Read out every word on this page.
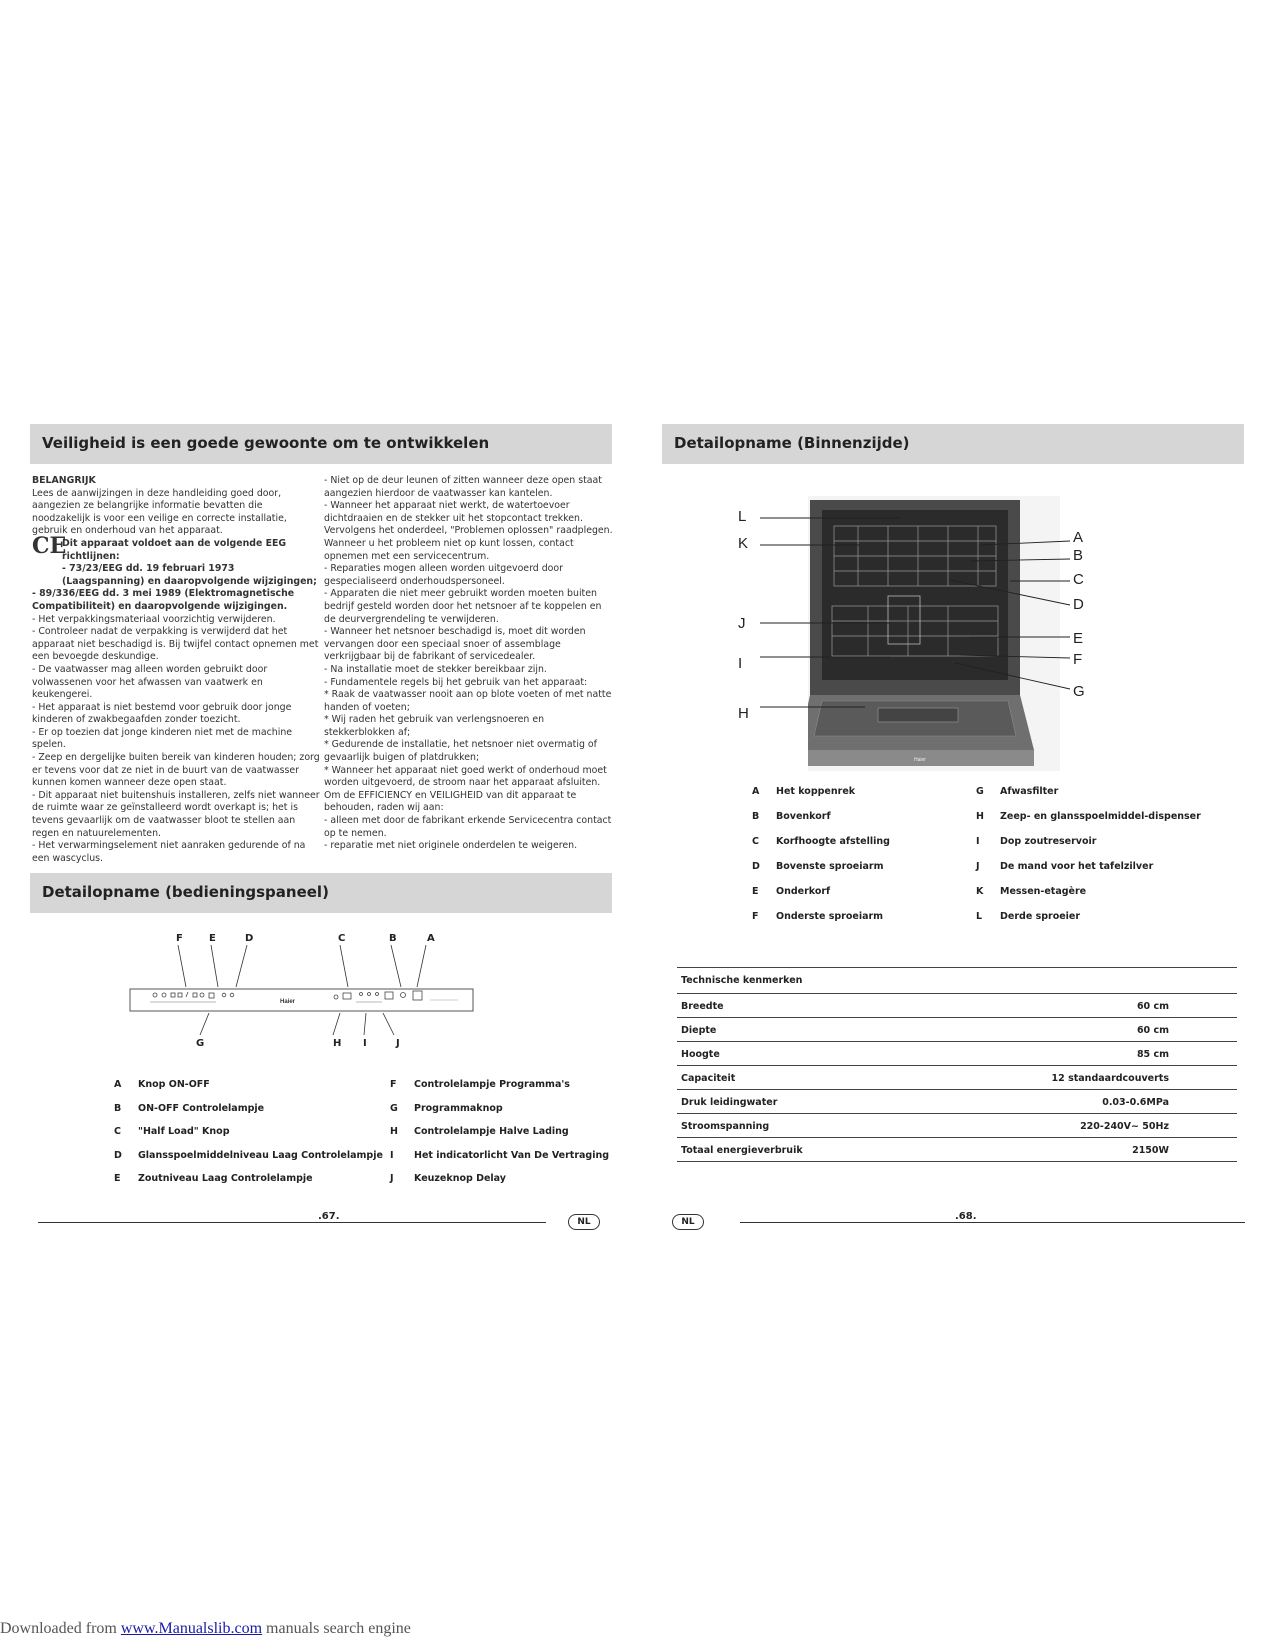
Veiligheid is een goede gewoonte om te ontwikkelen

BELANGRIJK

Lees de aanwijzingen in deze handleiding goed door, aangezien ze belangrijke informatie bevatten die noodzakelijk is voor een veilige en correcte installatie, gebruik en onderhoud van het apparaat.

CE

Dit apparaat voldoet aan de volgende EEG richtlijnen:

- 73/23/EEG dd. 19 februari 1973 (Laagspanning) en daaropvolgende wijzigingen;

- 89/336/EEG dd. 3 mei 1989 (Elektromagnetische Compatibiliteit) en daaropvolgende wijzigingen.

- Het verpakkingsmateriaal voorzichtig verwijderen.

- Controleer nadat de verpakking is verwijderd dat het apparaat niet beschadigd is. Bij twijfel contact opnemen met een bevoegde deskundige.

- De vaatwasser mag alleen worden gebruikt door volwassenen voor het afwassen van vaatwerk en keukengerei.

- Het apparaat is niet bestemd voor gebruik door jonge kinderen of zwakbegaafden zonder toezicht.

- Er op toezien dat jonge kinderen niet met de machine spelen.

- Zeep en dergelijke buiten bereik van kinderen houden; zorg er tevens voor dat ze niet in de buurt van de vaatwasser kunnen komen wanneer deze open staat.

- Dit apparaat niet buitenshuis installeren, zelfs niet wanneer de ruimte waar ze geïnstalleerd wordt overkapt is; het is tevens gevaarlijk om de vaatwasser bloot te stellen aan regen en natuurelementen.

- Het verwarmingselement niet aanraken gedurende of na een wascyclus.

- Niet op de deur leunen of zitten wanneer deze open staat aangezien hierdoor de vaatwasser kan kantelen.

- Wanneer het apparaat niet werkt, de watertoevoer dichtdraaien en de stekker uit het stopcontact trekken. Vervolgens het onderdeel, "Problemen oplossen" raadplegen. Wanneer u het probleem niet op kunt lossen, contact opnemen met een servicecentrum.

- Reparaties mogen alleen worden uitgevoerd door gespecialiseerd onderhoudspersoneel.

- Apparaten die niet meer gebruikt worden moeten buiten bedrijf gesteld worden door het netsnoer af te koppelen en de deurvergrendeling te verwijderen.

- Wanneer het netsnoer beschadigd is, moet dit worden vervangen door een speciaal snoer of assemblage verkrijgbaar bij de fabrikant of servicedealer.

- Na installatie moet de stekker bereikbaar zijn.

- Fundamentele regels bij het gebruik van het apparaat:

* Raak de vaatwasser nooit aan op blote voeten of met natte handen of voeten;

* Wij raden het gebruik van verlengsnoeren en stekkerblokken af;

* Gedurende de installatie, het netsnoer niet overmatig of gevaarlijk buigen of platdrukken;

* Wanneer het apparaat niet goed werkt of onderhoud moet worden uitgevoerd, de stroom naar het apparaat afsluiten.

Om de EFFICIENCY en VEILIGHEID van dit apparaat te behouden, raden wij aan:

- alleen met door de fabrikant erkende Servicecentra contact op te nemen.

- reparatie met niet originele onderdelen te weigeren.

Detailopname (bedieningspaneel)
Haier
F	E	D	C	B	A
G	H I	J
A Knop ON-OFF
B ON-OFF Controlelampje
C "Half Load" Knop
D Glansspoelmiddelniveau Laag Controlelampje
E Zoutniveau Laag Controlelampje
F Controlelampje Programma's
G Programmaknop
H Controlelampje Halve Lading
I Het indicatorlicht Van De Vertraging
J Keuzeknop Delay
.67.	NL
Detailopname (Binnenzijde)
Haier
L
K
J
I
H
A
B
C
D
E
F
G
A Het koppenrek
B Bovenkorf
C Korfhoogte afstelling
D Bovenste sproeiarm
E Onderkorf
F Onderste sproeiarm
G Afwasfilter
H Zeep- en glansspoelmiddel-dispenser
I Dop zoutreservoir
J De mand voor het tafelzilver
K Messen-etagère
L Derde sproeier
Technische kenmerken
Breedte	60 cm
Diepte	60 cm
Hoogte	85 cm
Capaciteit	12 standaardcouverts
Druk leidingwater	0.03-0.6MPa
Stroomspanning	220-240V~ 50Hz
Totaal energieverbruik	2150W
NL	.68.
Downloaded from www.Manualslib.com manuals search engine
